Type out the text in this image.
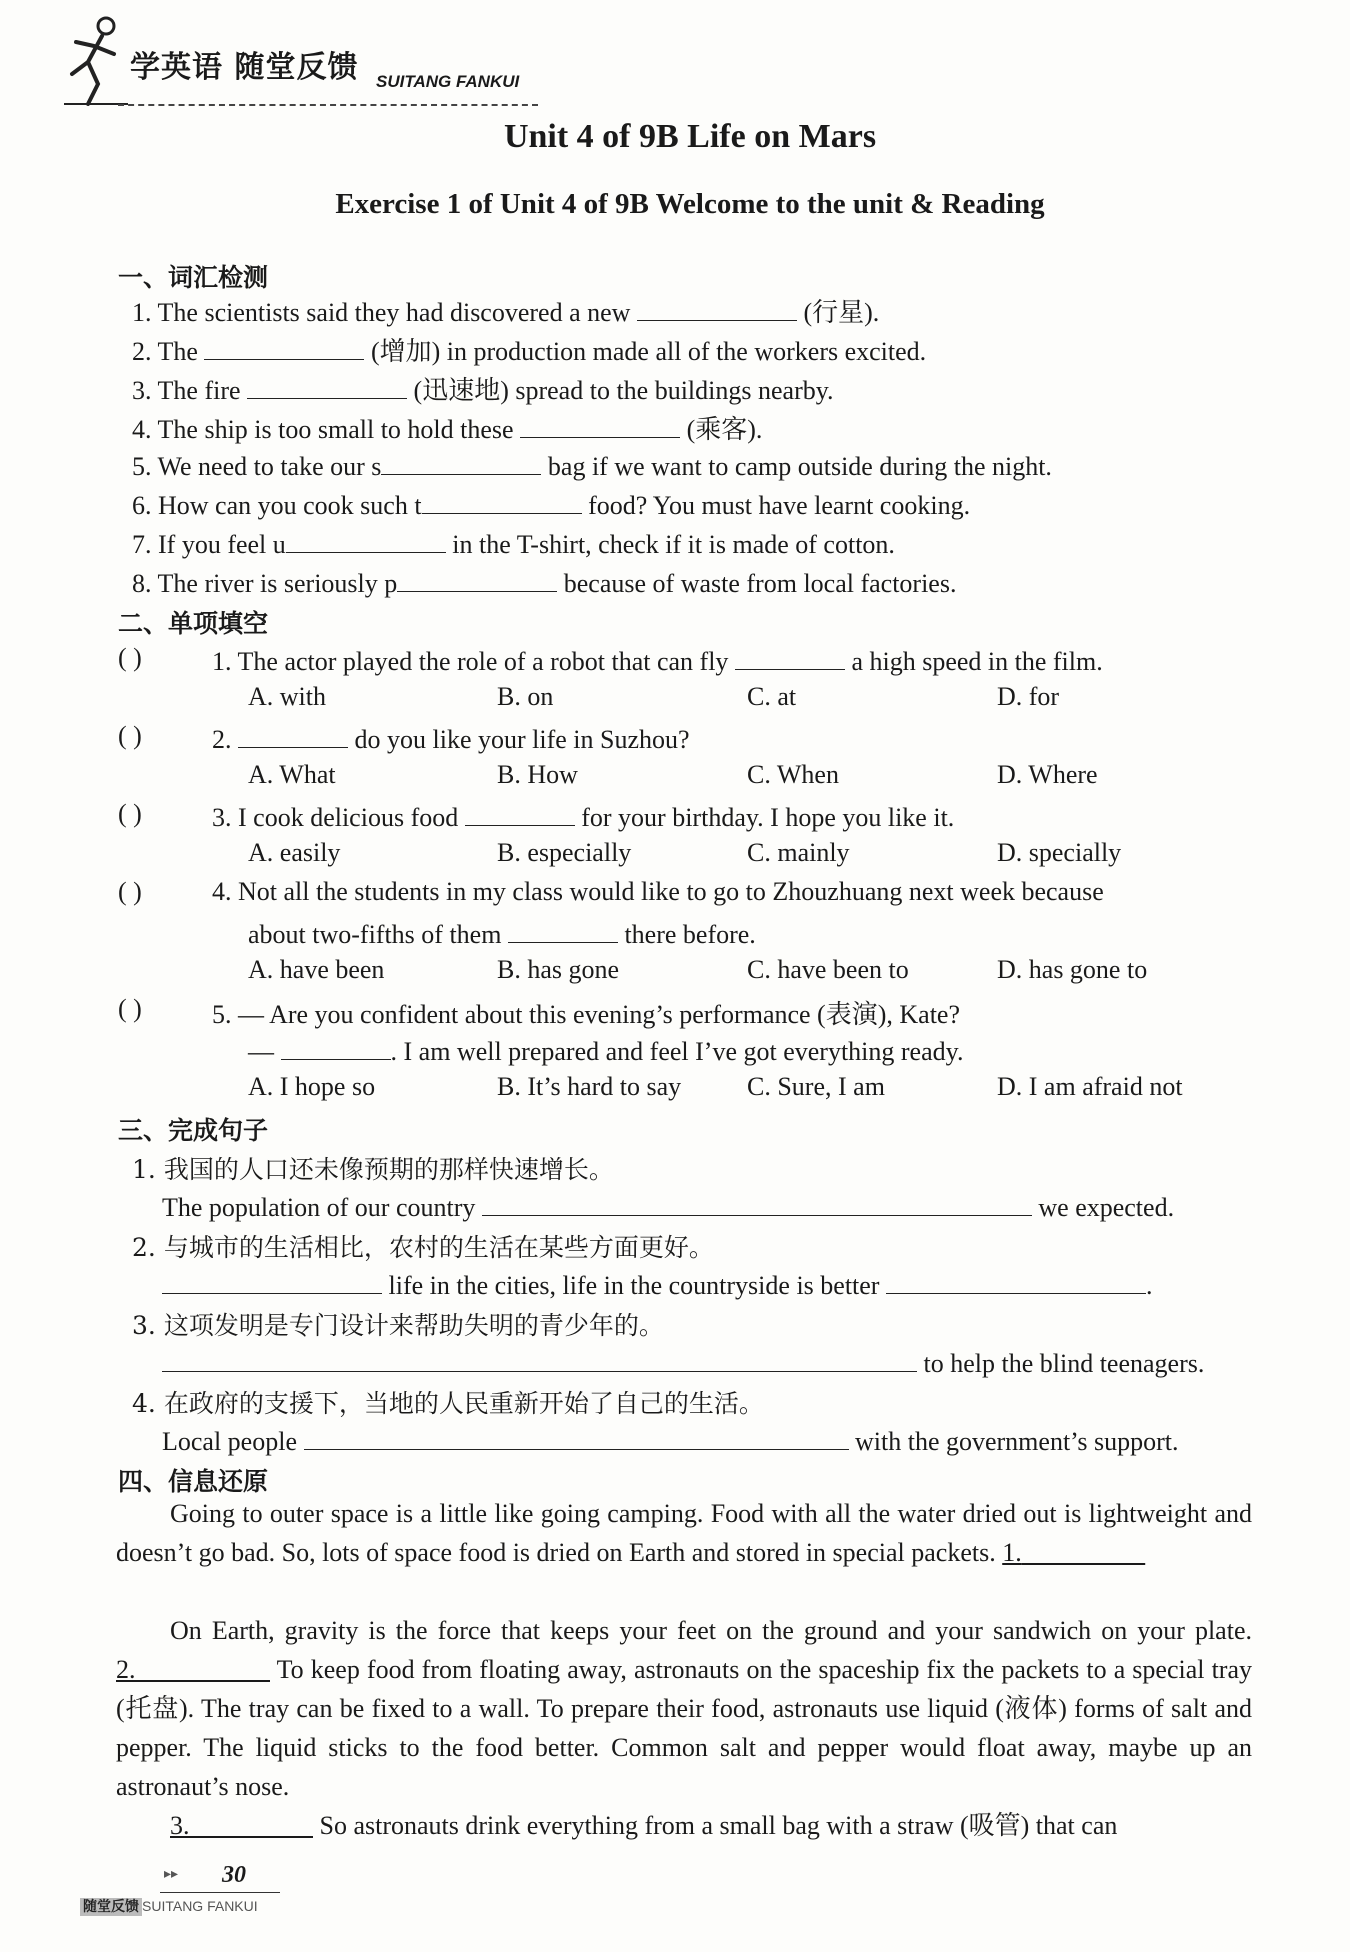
学英语 随堂反馈 SUITANG FANKUI
Unit 4 of 9B Life on Mars
Exercise 1 of Unit 4 of 9B Welcome to the unit & Reading
一、词汇检测
1. The scientists said they had discovered a new	(行星).
2. The	(增加) in production made all of the workers excited.
3. The fire	(迅速地) spread to the buildings nearby.
4. The ship is too small to hold these	(乘客).
5. We need to take our s	bag if we want to camp outside during the night.
6. How can you cook such t	food? You must have learnt cooking.
7. If you feel u	in the T-shirt, check if it is made of cotton.
8. The river is seriously p	because of waste from local factories.
二、单项填空
( )	1. The actor played the role of a robot that can fly	a high speed in the film.
A. with	B. on	C. at	D. for
( )	2.	do you like your life in Suzhou?
A. What	B. How	C. When	D. Where
( )	3. I cook delicious food	for your birthday. I hope you like it.
A. easily	B. especially	C. mainly	D. specially
( )	4. Not all the students in my class would like to go to Zhouzhuang next week because
about two-fifths of them	there before.
A. have been	B. has gone	C. have been to	D. has gone to
( )	5. — Are you confident about this evening’s performance (表演), Kate?
—	. I am well prepared and feel I’ve got everything ready.
A. I hope so	B. It’s hard to say	C. Sure, I am	D. I am afraid not
三、完成句子
1. 我国的人口还未像预期的那样快速增长。
The population of our country	we expected.
2. 与城市的生活相比，农村的生活在某些方面更好。
life in the cities, life in the countryside is better	.
3. 这项发明是专门设计来帮助失明的青少年的。
to help the blind teenagers.
4. 在政府的支援下，当地的人民重新开始了自己的生活。
Local people	with the government’s support.
四、信息还原
Going to outer space is a little like going camping. Food with all the water dried out is lightweight and doesn’t go bad. So, lots of space food is dried on Earth and stored in special packets. 1.
On Earth, gravity is the force that keeps your feet on the ground and your sandwich on your plate. 2.	To keep food from floating away, astronauts on the spaceship fix the packets to a special tray (托盘). The tray can be fixed to a wall. To prepare their food, astronauts use liquid (液体) forms of salt and pepper. The liquid sticks to the food better. Common salt and pepper would float away, maybe up an astronaut’s nose.
3.	So astronauts drink everything from a small bag with a straw (吸管) that can
▸▸ 30
随堂反馈 SUITANG FANKUI
